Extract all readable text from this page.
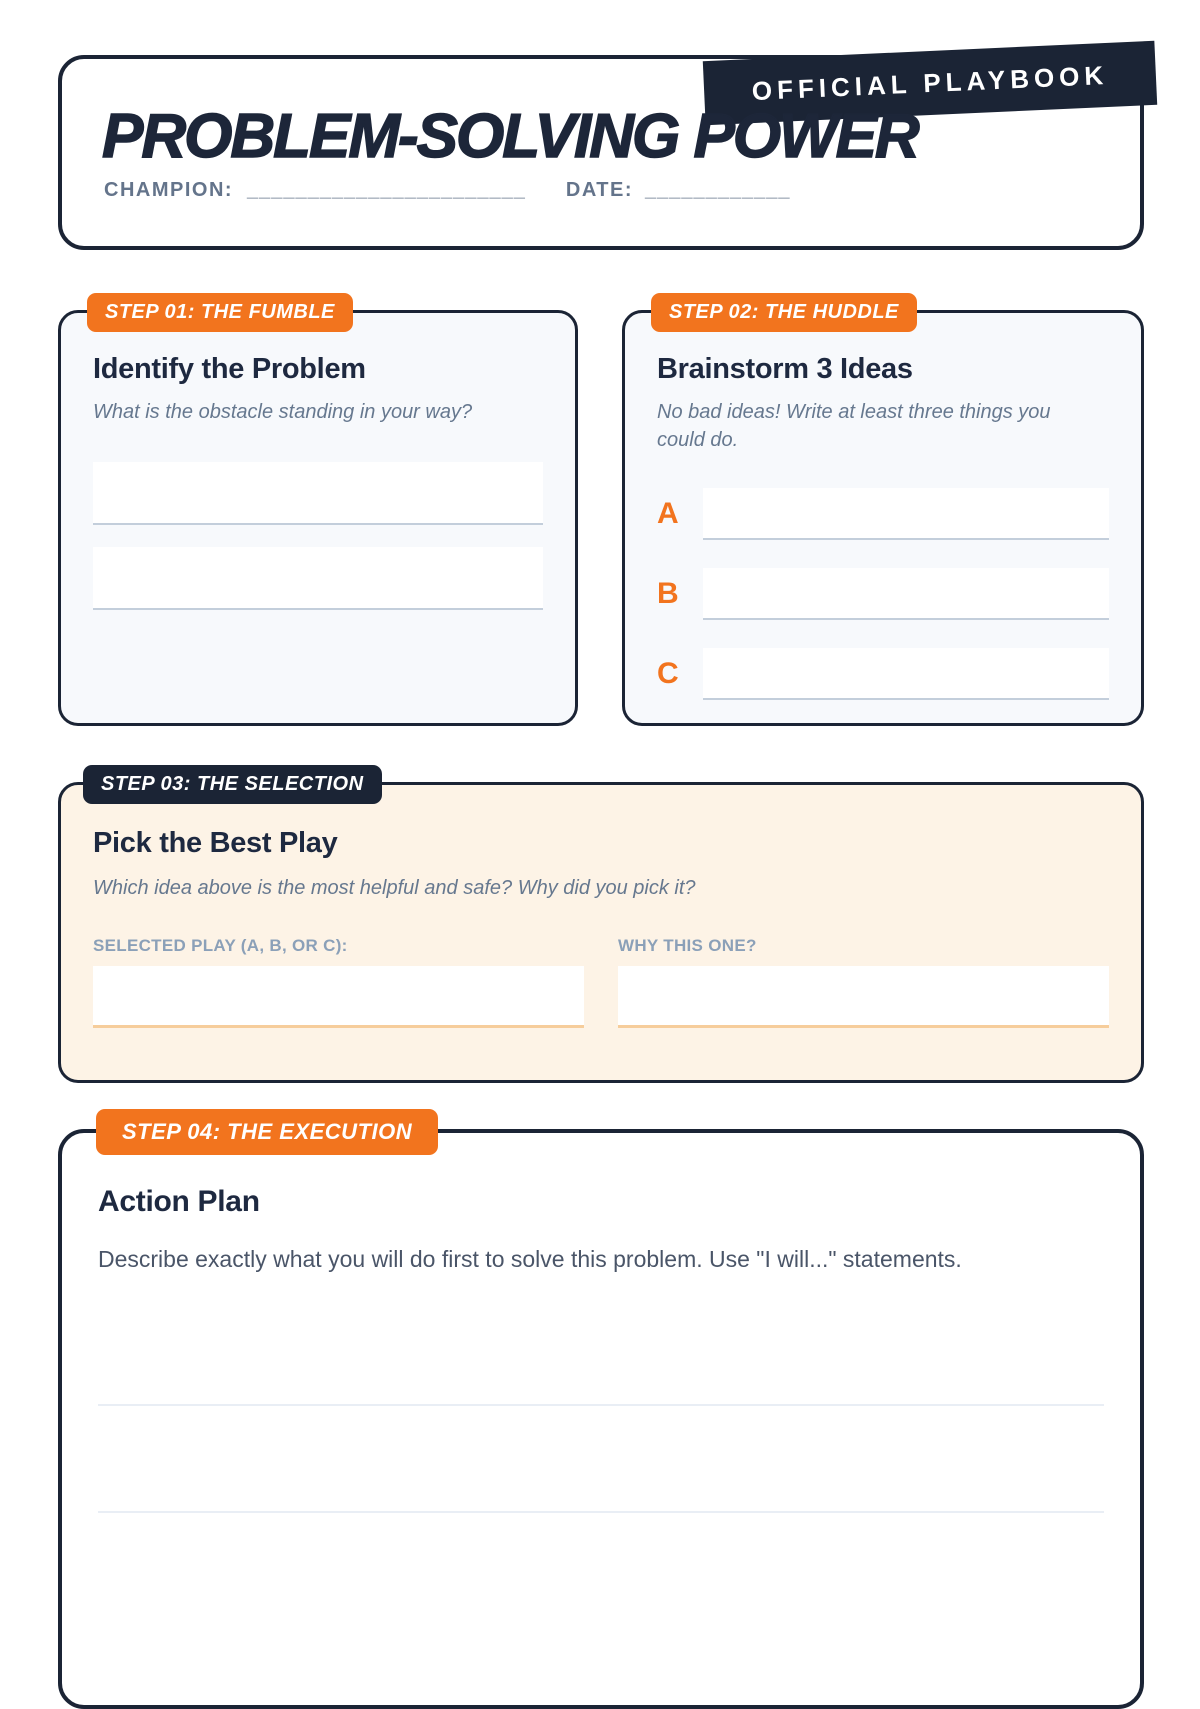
OFFICIAL PLAYBOOK
PROBLEM-SOLVING POWER
CHAMPION: _______________________ DATE: ____________
STEP 01: THE FUMBLE
Identify the Problem

What is the obstacle standing in your way?

STEP 02: THE HUDDLE
Brainstorm 3 Ideas

No bad ideas! Write at least three things you could do.

A
B
C
STEP 03: THE SELECTION
Pick the Best Play

Which idea above is the most helpful and safe? Why did you pick it?

SELECTED PLAY (A, B, OR C):	WHY THIS ONE?
STEP 04: THE EXECUTION
Action Plan

Describe exactly what you will do first to solve this problem. Use "I will..." statements.
